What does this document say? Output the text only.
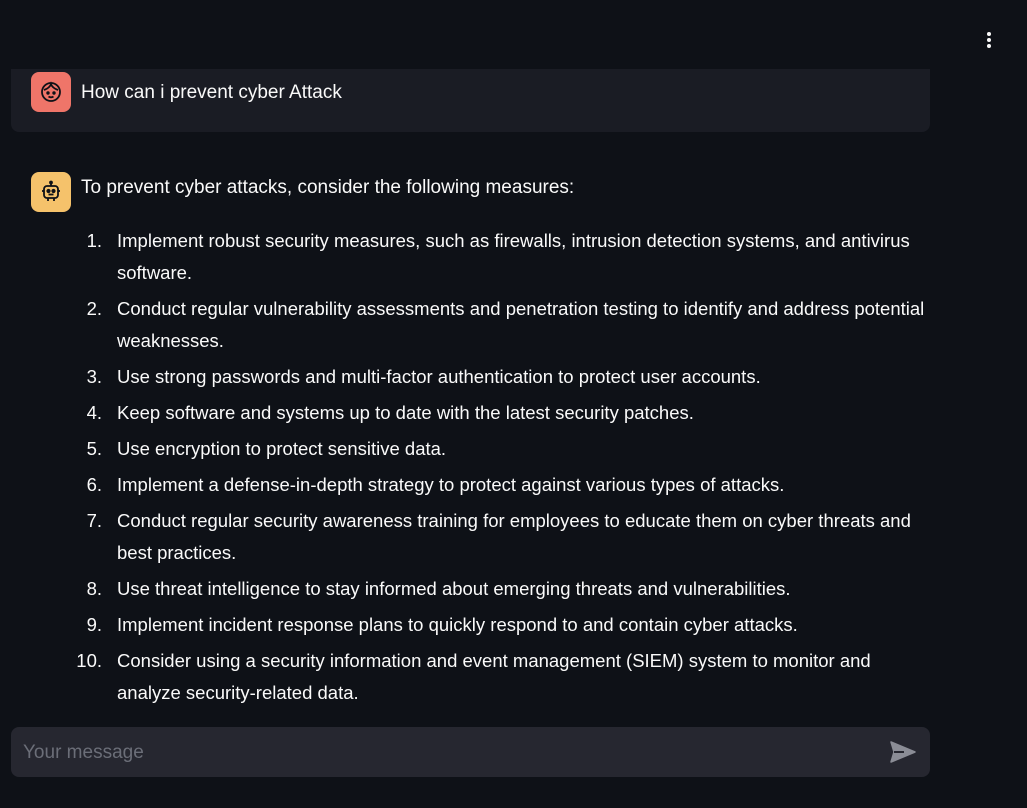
How can i prevent cyber Attack
To prevent cyber attacks, consider the following measures:
1. Implement robust security measures, such as firewalls, intrusion detection systems, and antivirus software.
2. Conduct regular vulnerability assessments and penetration testing to identify and address potential weaknesses.
3. Use strong passwords and multi-factor authentication to protect user accounts.
4. Keep software and systems up to date with the latest security patches.
5. Use encryption to protect sensitive data.
6. Implement a defense-in-depth strategy to protect against various types of attacks.
7. Conduct regular security awareness training for employees to educate them on cyber threats and best practices.
8. Use threat intelligence to stay informed about emerging threats and vulnerabilities.
9. Implement incident response plans to quickly respond to and contain cyber attacks.
10. Consider using a security information and event management (SIEM) system to monitor and analyze security-related data.
Your message
